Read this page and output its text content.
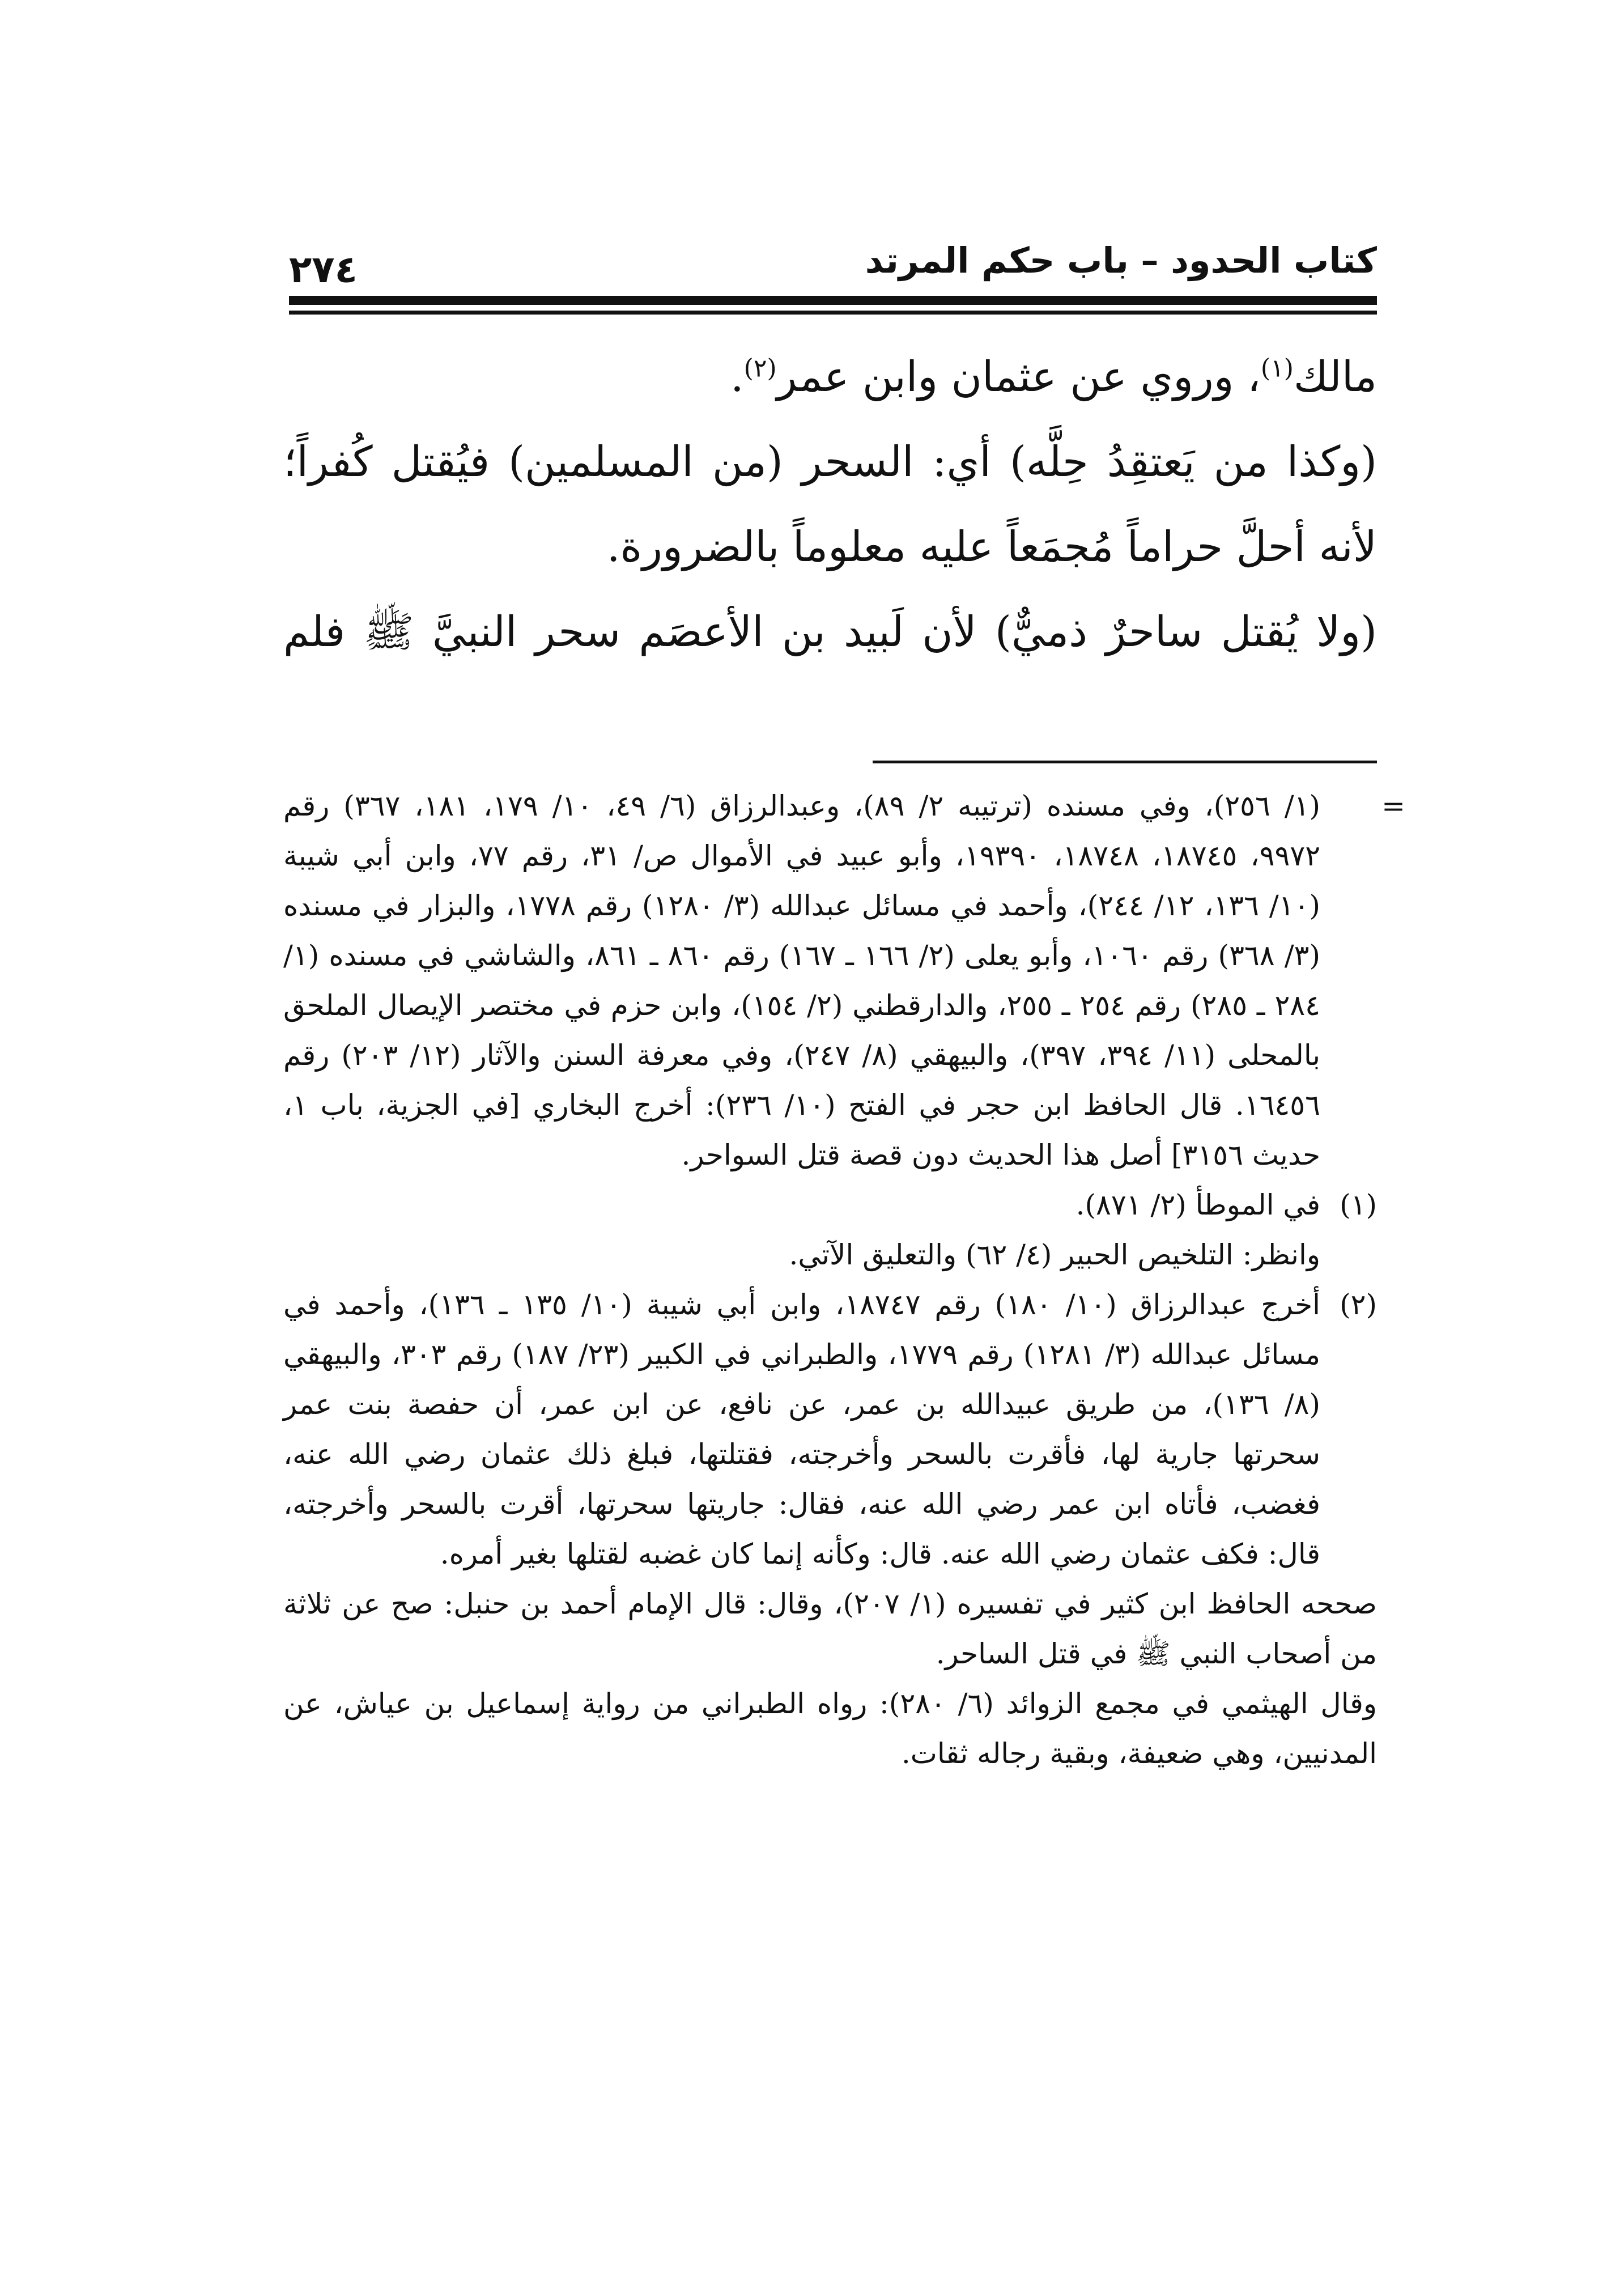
كتاب الحدود – باب حكم المرتد
٢٧٤

مالك$^{(١)}$، وروي عن عثمان وابن عمر$^{(٢)}$.

(وكذا من يَعتقِدُ حِلَّه) أي: السحر (من المسلمين) فيُقتل كُفراً؛ لأنه أحلَّ حراماً مُجمَعاً عليه معلوماً بالضرورة.

(ولا يُقتل ساحرٌ ذميٌّ) لأن لَبيد بن الأعصَم سحر النبيَّ ﷺ فلم

=
(١/ ٢٥٦)، وفي مسنده (ترتيبه ٢/ ٨٩)، وعبدالرزاق (٦/ ٤٩، ١٠/ ١٧٩، ١٨١، ٣٦٧) رقم ٩٩٧٢، ١٨٧٤٥، ١٨٧٤٨، ١٩٣٩٠، وأبو عبيد في الأموال ص/ ٣١، رقم ٧٧، وابن أبي شيبة (١٠/ ١٣٦، ١٢/ ٢٤٤)، وأحمد في مسائل عبدالله (٣/ ١٢٨٠) رقم ١٧٧٨، والبزار في مسنده (٣/ ٣٦٨) رقم ١٠٦٠، وأبو يعلى (٢/ ١٦٦ ـ ١٦٧) رقم ٨٦٠ ـ ٨٦١، والشاشي في مسنده (١/ ٢٨٤ ـ ٢٨٥) رقم ٢٥٤ ـ ٢٥٥، والدارقطني (٢/ ١٥٤)، وابن حزم في مختصر الإيصال الملحق بالمحلى (١١/ ٣٩٤، ٣٩٧)، والبيهقي (٨/ ٢٤٧)، وفي معرفة السنن والآثار (١٢/ ٢٠٣) رقم ١٦٤٥٦. قال الحافظ ابن حجر في الفتح (١٠/ ٢٣٦): أخرج البخاري [في الجزية، باب ١، حديث ٣١٥٦] أصل هذا الحديث دون قصة قتل السواحر.

(١)
في الموطأ (٢/ ٨٧١).

وانظر: التلخيص الحبير (٤/ ٦٢) والتعليق الآتي.

(٢)
أخرج عبدالرزاق (١٠/ ١٨٠) رقم ١٨٧٤٧، وابن أبي شيبة (١٠/ ١٣٥ ـ ١٣٦)، وأحمد في مسائل عبدالله (٣/ ١٢٨١) رقم ١٧٧٩، والطبراني في الكبير (٢٣/ ١٨٧) رقم ٣٠٣، والبيهقي (٨/ ١٣٦)، من طريق عبيدالله بن عمر، عن نافع، عن ابن عمر، أن حفصة بنت عمر سحرتها جارية لها، فأقرت بالسحر وأخرجته، فقتلتها، فبلغ ذلك عثمان رضي الله عنه، فغضب، فأتاه ابن عمر رضي الله عنه، فقال: جاريتها سحرتها، أقرت بالسحر وأخرجته، قال: فكف عثمان رضي الله عنه. قال: وكأنه إنما كان غضبه لقتلها بغير أمره.

صححه الحافظ ابن كثير في تفسيره (١/ ٢٠٧)، وقال: قال الإمام أحمد بن حنبل: صح عن ثلاثة من أصحاب النبي ﷺ في قتل الساحر.

وقال الهيثمي في مجمع الزوائد (٦/ ٢٨٠): رواه الطبراني من رواية إسماعيل بن عياش، عن المدنيين، وهي ضعيفة، وبقية رجاله ثقات.
